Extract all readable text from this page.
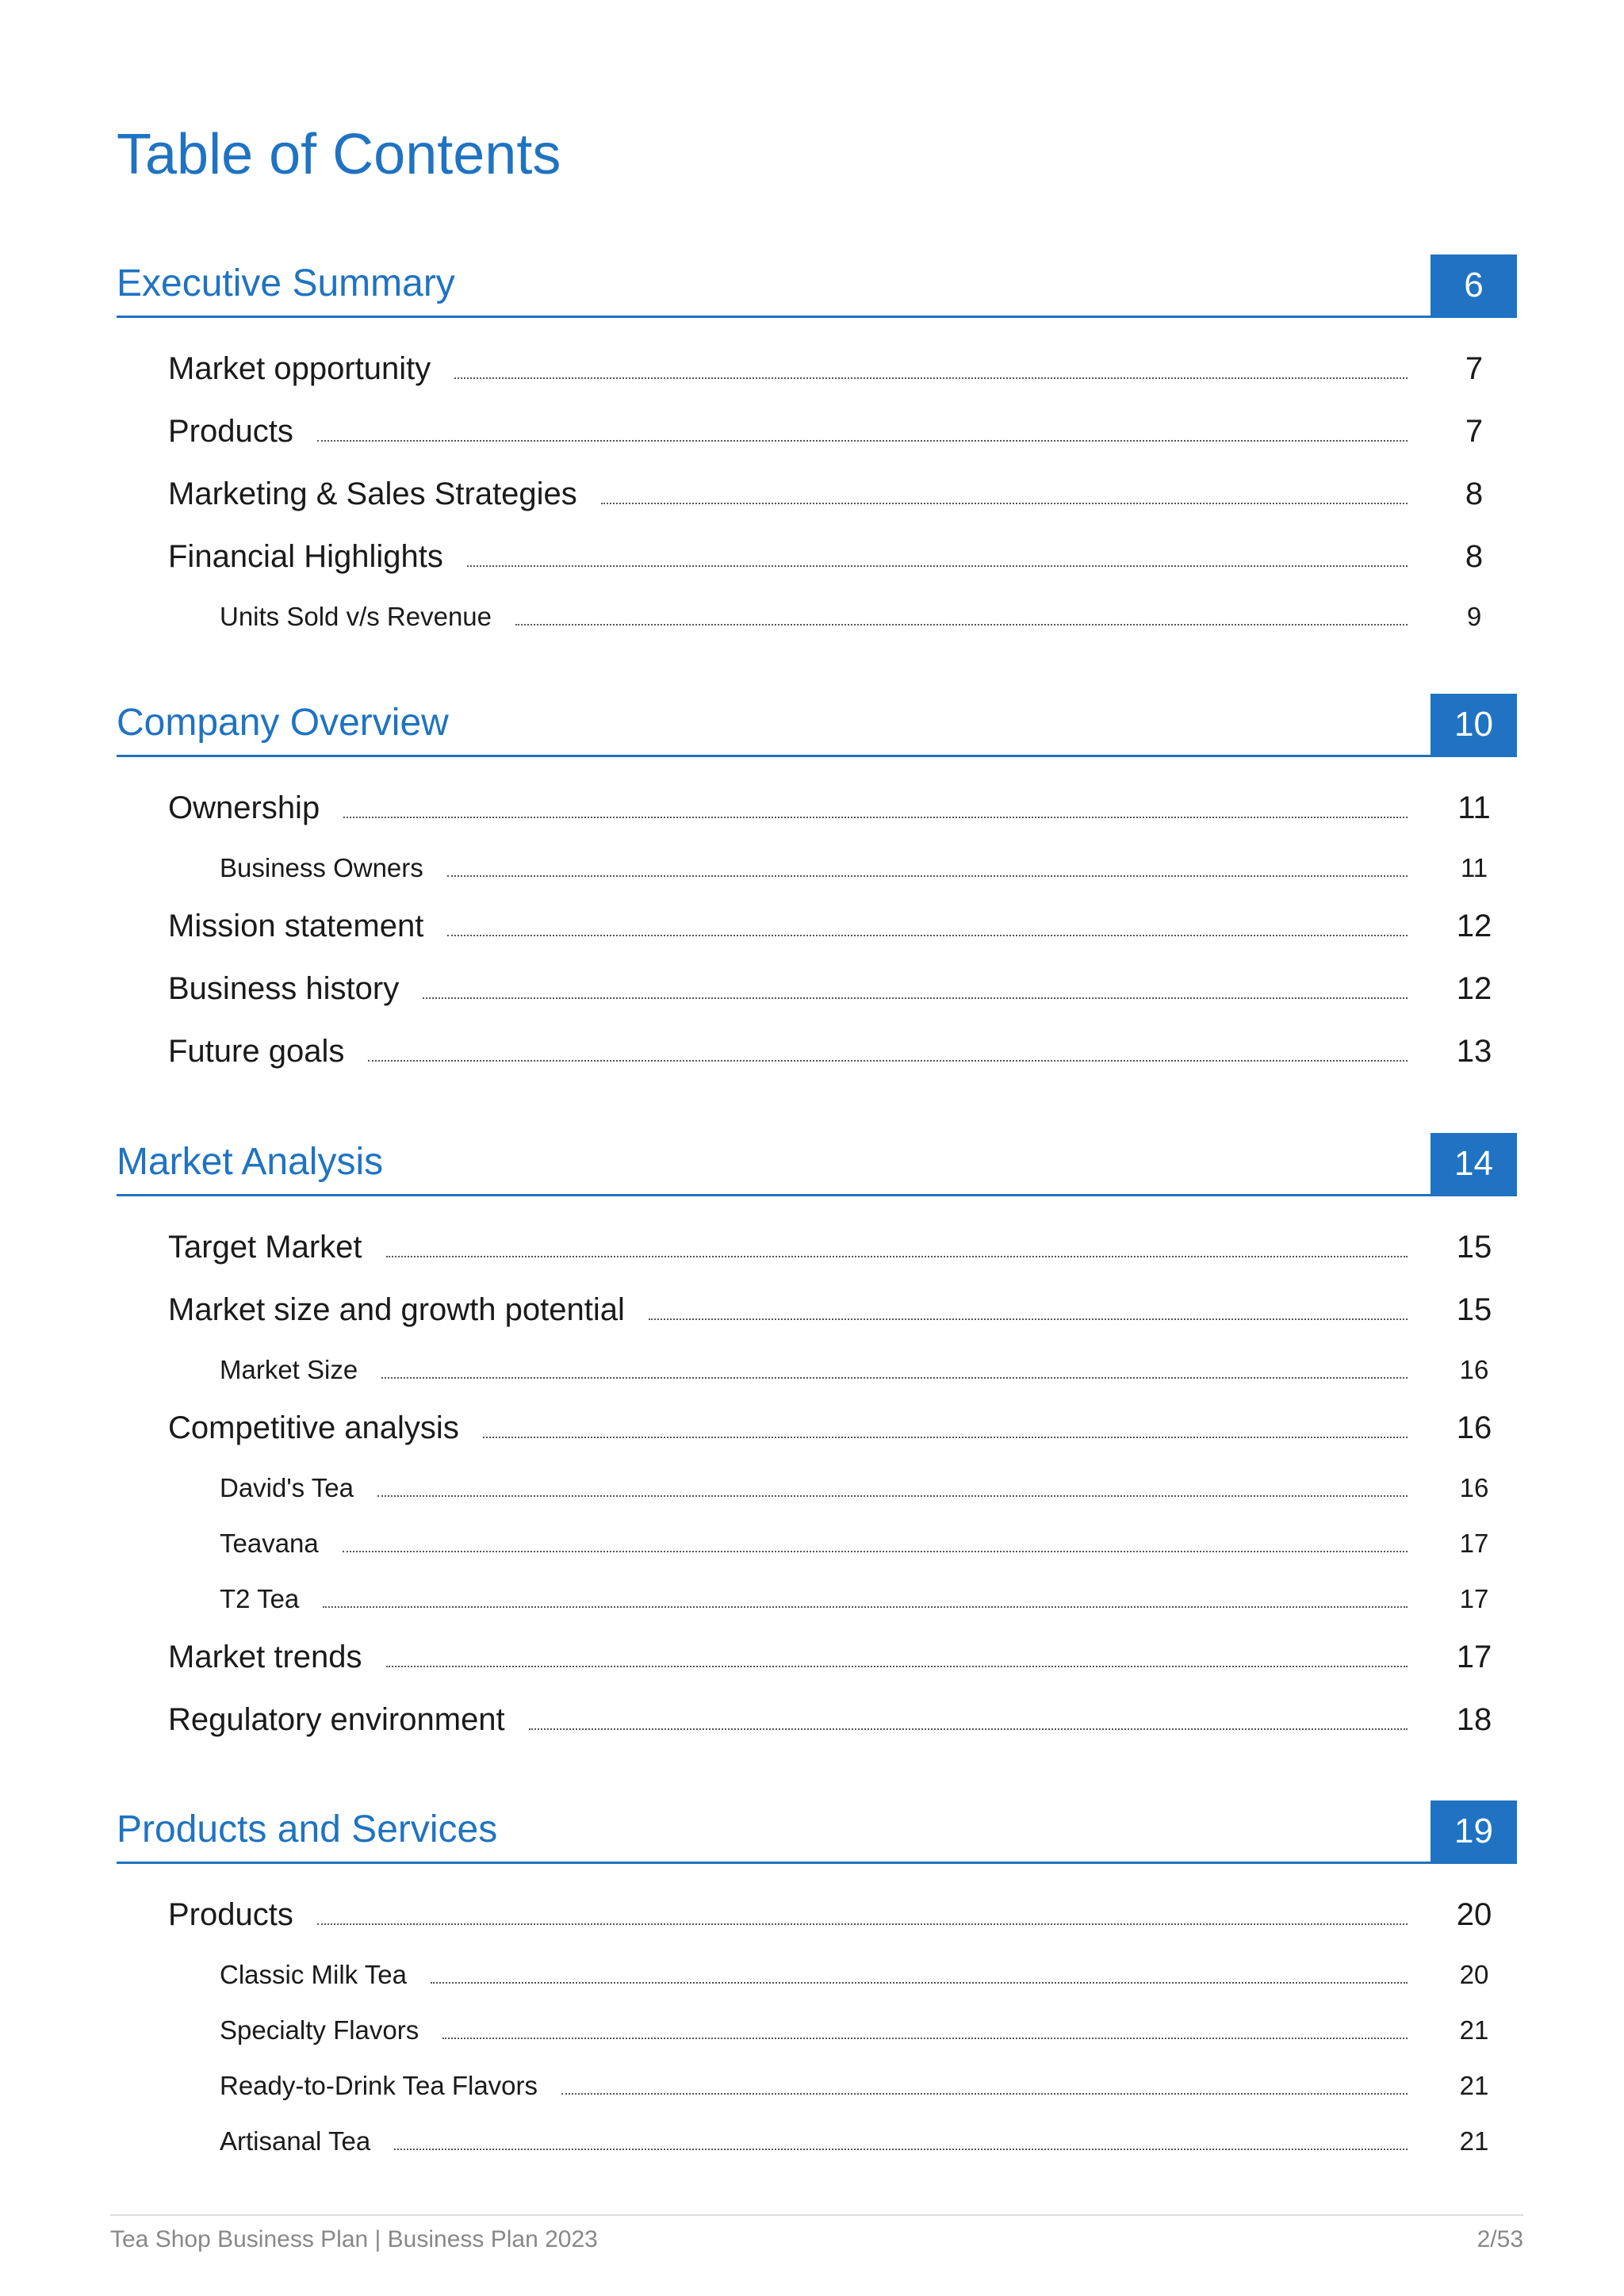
Table of Contents
Executive Summary	6
Market opportunity	7
Products	7
Marketing & Sales Strategies	8
Financial Highlights	8
Units Sold v/s Revenue	9
Company Overview	10
Ownership	11
Business Owners	11
Mission statement	12
Business history	12
Future goals	13
Market Analysis	14
Target Market	15
Market size and growth potential	15
Market Size	16
Competitive analysis	16
David's Tea	16
Teavana	17
T2 Tea	17
Market trends	17
Regulatory environment	18
Products and Services	19
Products	20
Classic Milk Tea	20
Specialty Flavors	21
Ready-to-Drink Tea Flavors	21
Artisanal Tea	21
Tea Shop Business Plan | Business Plan 2023	2/53
